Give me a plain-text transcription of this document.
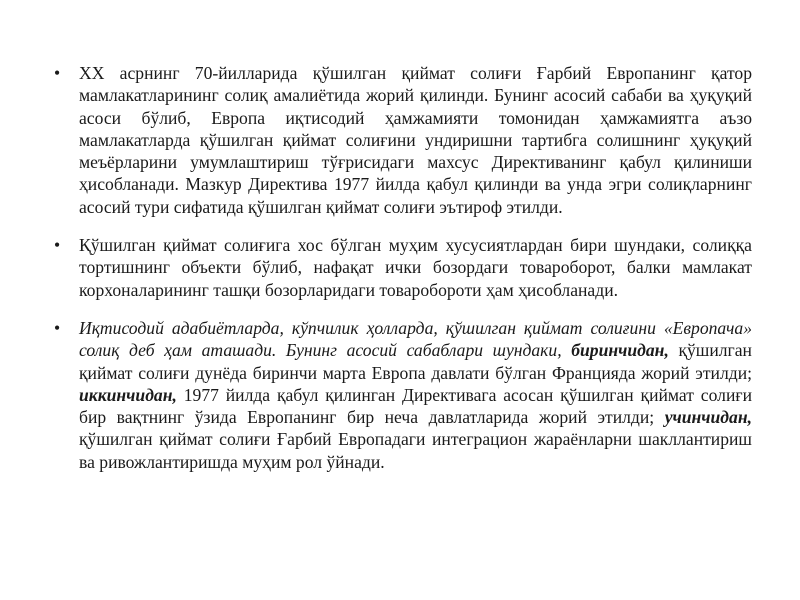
• XX асрнинг 70-йилларида қўшилган қиймат солиғи Ғарбий Европанинг қатор мамлакатларининг солиқ амалиётида жорий қилинди. Бунинг асосий сабаби ва ҳуқуқий асоси бўлиб, Европа иқтисодий ҳамжамияти томонидан ҳамжамиятга аъзо мамлакатларда қўшилган қиймат солиғини ундиришни тартибга солишнинг ҳуқуқий меъёрларини умумлаштириш тўғрисидаги махсус Директиванинг қабул қилиниши ҳисобланади. Мазкур Директива 1977 йилда қабул қилинди ва унда эгри солиқларнинг асосий тури сифатида қўшилган қиймат солиғи эътироф этилди.
• Қўшилган қиймат солиғига хос бўлган муҳим хусусиятлардан бири шундаки, солиққа тортишнинг объекти бўлиб, нафақат ички бозордаги товароборот, балки мамлакат корхоналарининг ташқи бозорларидаги товароборoти ҳам ҳисобланади.
• Иқтисодий адабиётларда, кўпчилик ҳолларда, қўшилган қиймат солиғини «Европача» солиқ деб ҳам аташади. Бунинг асосий сабаблари шундаки, биринчидан, қўшилган қиймат солиғи дунёда биринчи марта Европа давлати бўлган Францияда жорий этилди; иккинчидан, 1977 йилда қабул қилинган Директивага асосан қўшилган қиймат солиғи бир вақтнинг ўзида Европанинг бир неча давлатларида жорий этилди; учинчидан, қўшилган қиймат солиғи Ғарбий Европадаги интеграцион жараёнларни шакллантириш ва ривожлантиришда муҳим рол ўйнади.
